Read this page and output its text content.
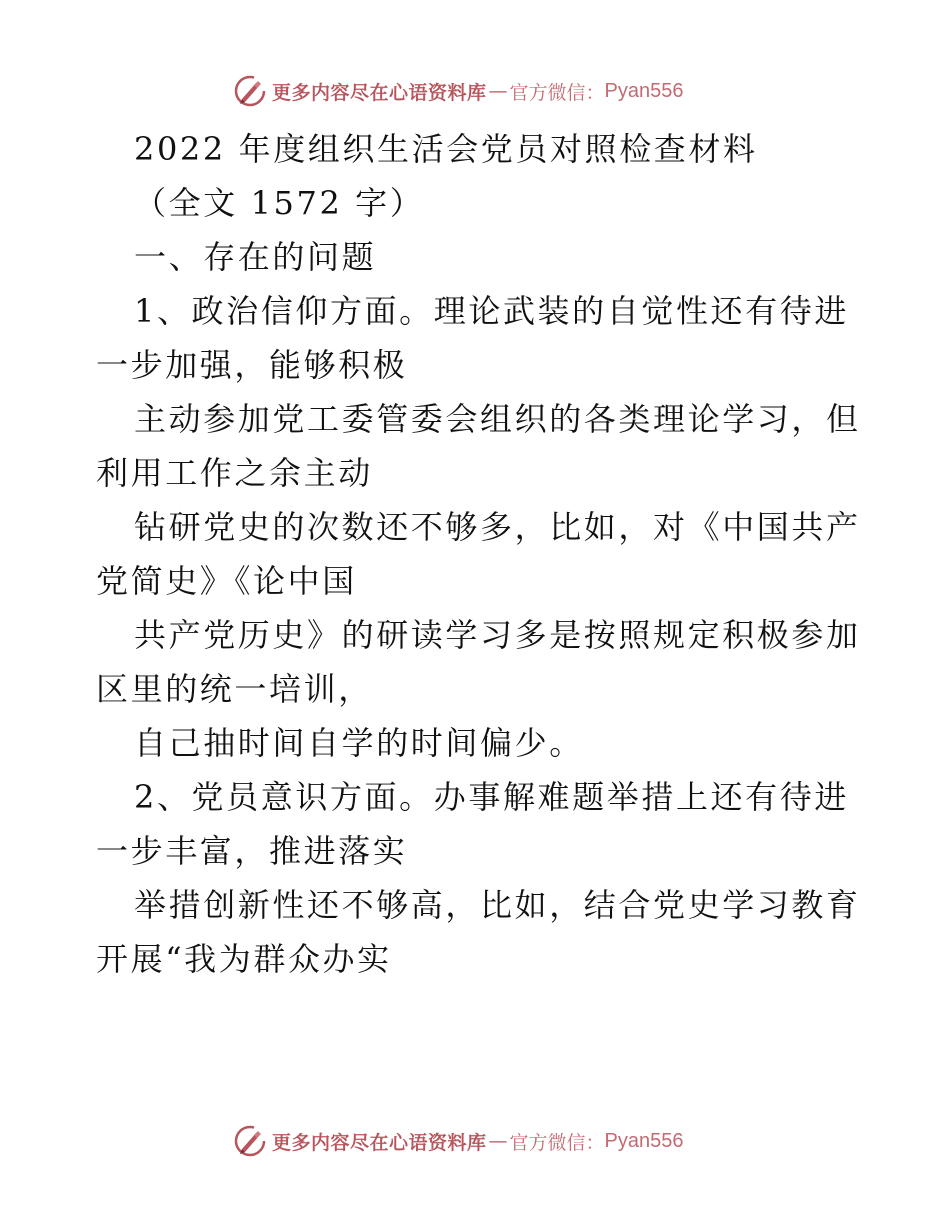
更多内容尽在心语资料库 — 官方微信： Pyan556
2022 年度组织生活会党员对照检查材料
（全文 1572 字）
一、存在的问题
1、政治信仰方面。理论武装的自觉性还有待进
一步加强，能够积极
主动参加党工委管委会组织的各类理论学习，但
利用工作之余主动
钻研党史的次数还不够多，比如，对《中国共产
党简史》《论中国
共产党历史》的研读学习多是按照规定积极参加
区里的统一培训，
自己抽时间自学的时间偏少。
2、党员意识方面。办事解难题举措上还有待进
一步丰富，推进落实
举措创新性还不够高，比如，结合党史学习教育
开展“我为群众办实
更多内容尽在心语资料库 — 官方微信： Pyan556
